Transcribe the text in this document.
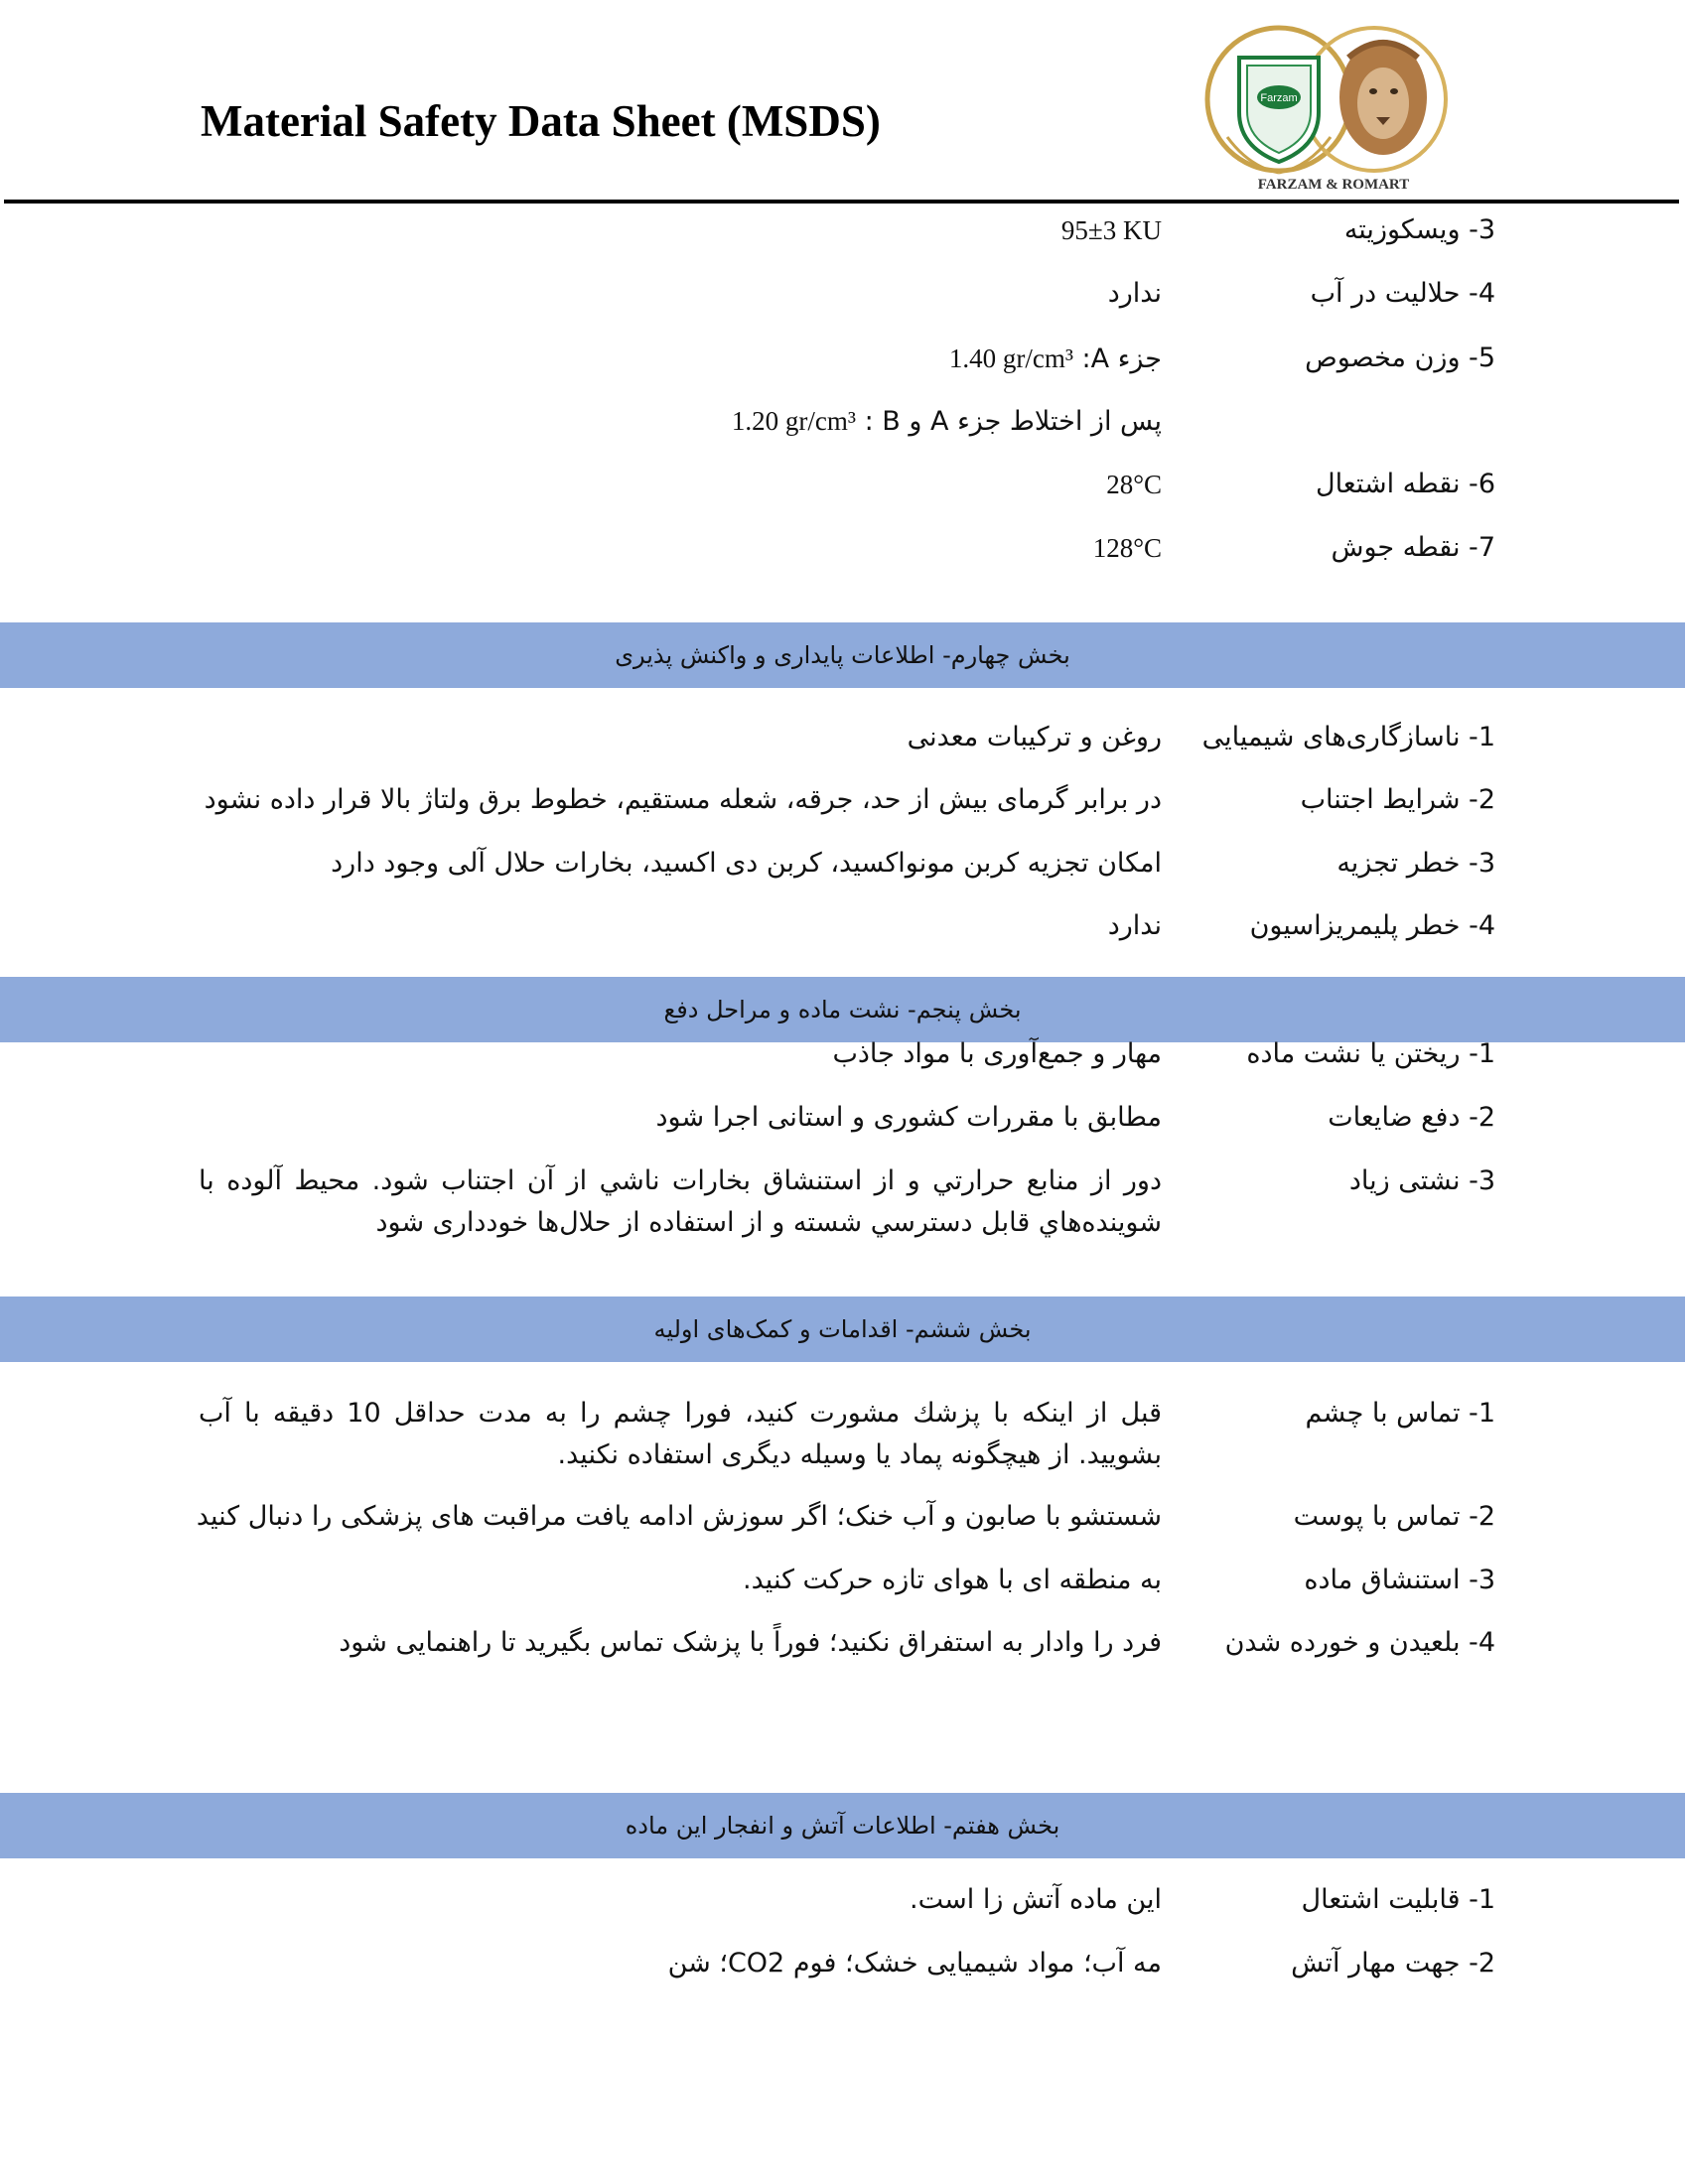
Material Safety Data Sheet (MSDS)	Farzam
FARZAM & ROMART
3- ویسکوزیته
95±3 KU
4- حلالیت در آب
ندارد
5- وزن مخصوص
جزء A: 1.40 gr/cm³
پس از اختلاط جزء A و B : 1.20 gr/cm³
6- نقطه اشتعال
28°C
7- نقطه جوش
128°C
بخش چهارم- اطلاعات پایداری و واکنش پذیری
1- ناسازگاری‌های شیمیایی
روغن و ترکیبات معدنی
2- شرایط اجتناب
در برابر گرمای بیش از حد، جرقه، شعله مستقیم، خطوط برق ولتاژ بالا قرار داده نشود
3- خطر تجزیه
امکان تجزیه کربن مونواکسید، کربن دی اکسید، بخارات حلال آلی وجود دارد
4- خطر پلیمریزاسیون
ندارد
بخش پنجم- نشت ماده و مراحل دفع
1- ریختن یا نشت ماده
مهار و جمع‌آوری با مواد جاذب
2- دفع ضایعات
مطابق با مقررات کشوری و استانی اجرا شود
3- نشتی زیاد
دور از منابع حرارتي و از استنشاق بخارات ناشي از آن اجتناب شود. محیط آلوده با شوینده‌هاي قابل دسترسي شسته و از استفاده از حلال‌ها خودداری شود
بخش ششم- اقدامات و کمک‌های اولیه
1- تماس با چشم
قبل از اینکه با پزشك مشورت کنید، فورا چشم را به مدت حداقل 10 دقیقه با آب بشویید. از هیچگونه پماد یا وسیله دیگری استفاده نکنید.
2- تماس با پوست
شستشو با صابون و آب خنک؛ اگر سوزش ادامه یافت مراقبت های پزشکی را دنبال کنید
3- استنشاق ماده
به منطقه ای با هوای تازه حرکت کنید.
4- بلعیدن و خورده شدن
فرد را وادار به استفراق نکنید؛ فوراً با پزشک تماس بگیرید تا راهنمایی شود
بخش هفتم- اطلاعات آتش و انفجار این ماده
1- قابلیت اشتعال
این ماده آتش زا است.
2- جهت مهار آتش
مه آب؛ مواد شیمیایی خشک؛ فوم CO2؛ شن
